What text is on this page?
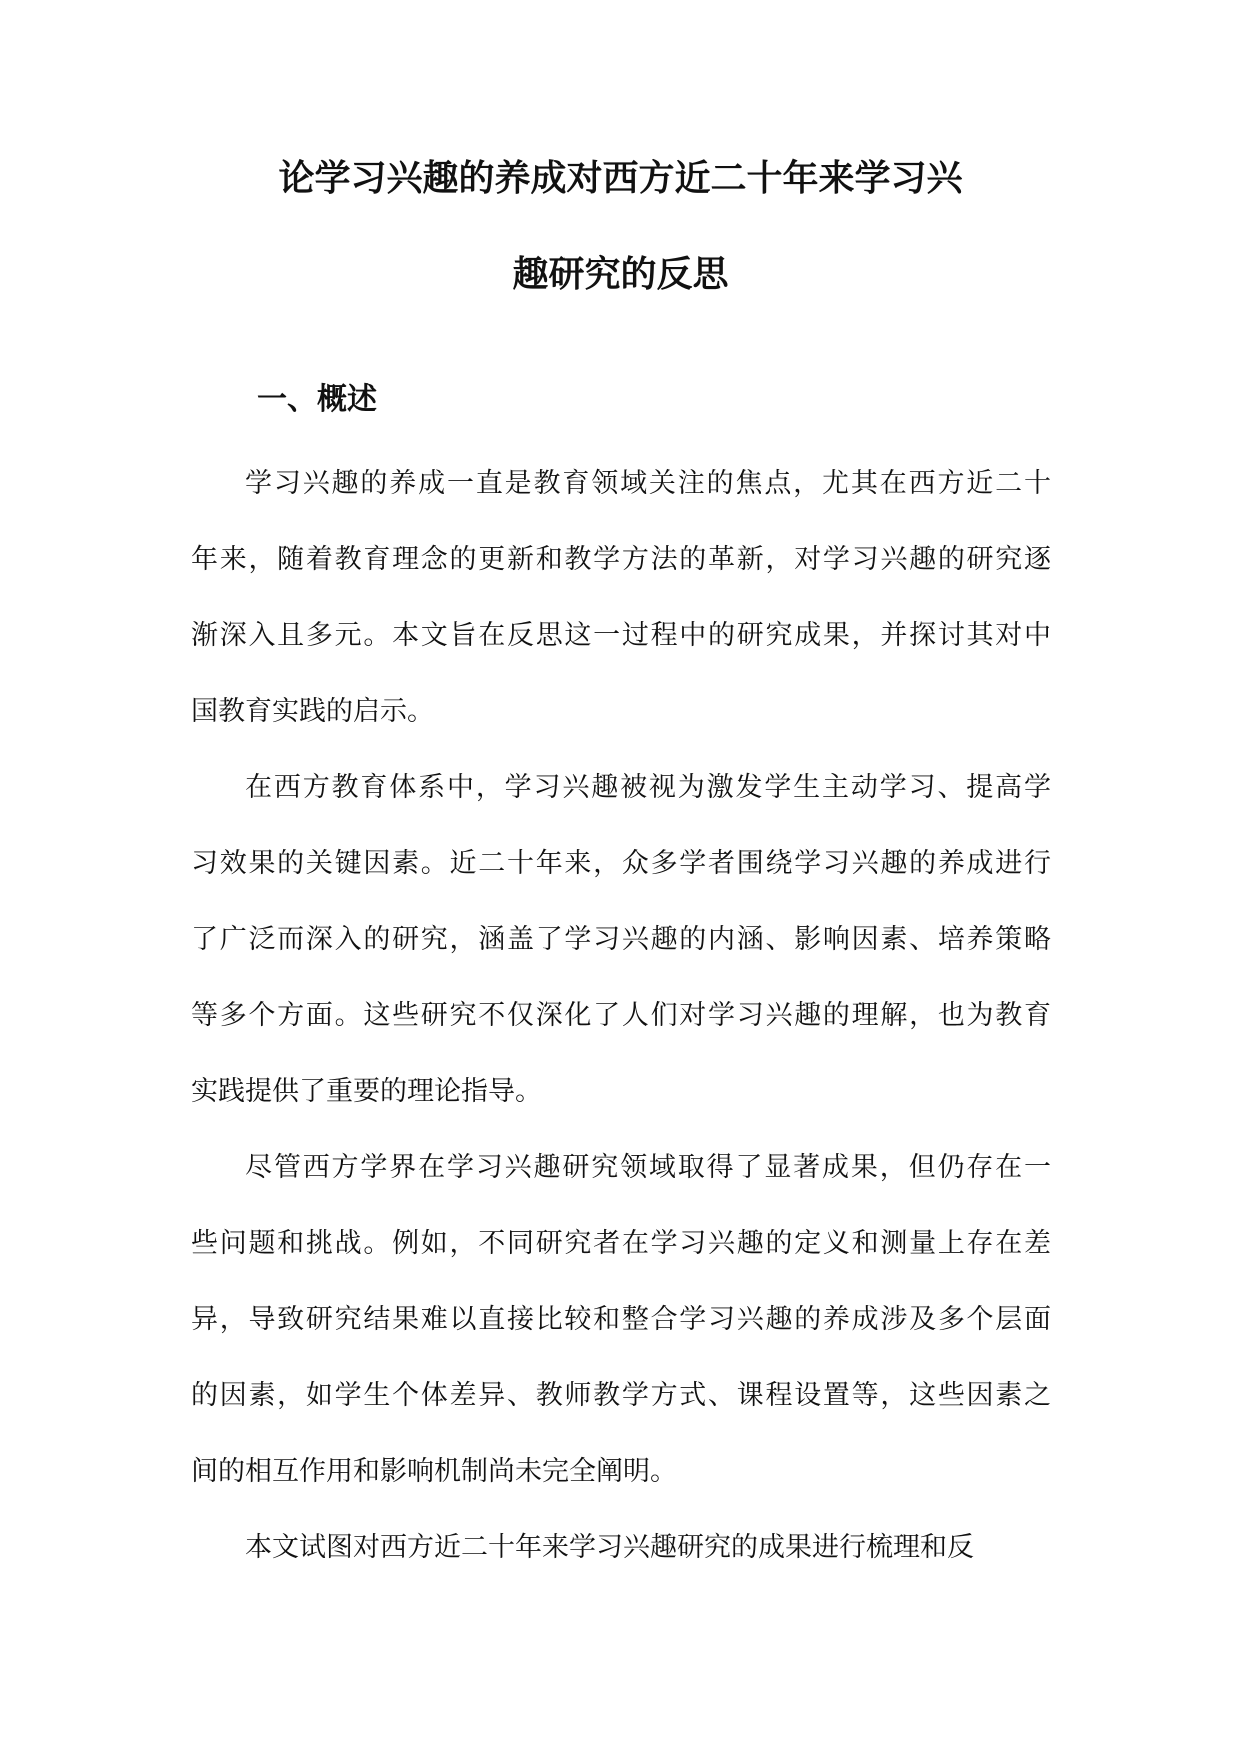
论学习兴趣的养成对西方近二十年来学习兴
趣研究的反思
一、概述
学习兴趣的养成一直是教育领域关注的焦点，尤其在西方近二十
年来，随着教育理念的更新和教学方法的革新，对学习兴趣的研究逐
渐深入且多元。本文旨在反思这一过程中的研究成果，并探讨其对中
国教育实践的启示。
在西方教育体系中，学习兴趣被视为激发学生主动学习、提高学
习效果的关键因素。近二十年来，众多学者围绕学习兴趣的养成进行
了广泛而深入的研究，涵盖了学习兴趣的内涵、影响因素、培养策略
等多个方面。这些研究不仅深化了人们对学习兴趣的理解，也为教育
实践提供了重要的理论指导。
尽管西方学界在学习兴趣研究领域取得了显著成果，但仍存在一
些问题和挑战。例如，不同研究者在学习兴趣的定义和测量上存在差
异，导致研究结果难以直接比较和整合学习兴趣的养成涉及多个层面
的因素，如学生个体差异、教师教学方式、课程设置等，这些因素之
间的相互作用和影响机制尚未完全阐明。
本文试图对西方近二十年来学习兴趣研究的成果进行梳理和反
